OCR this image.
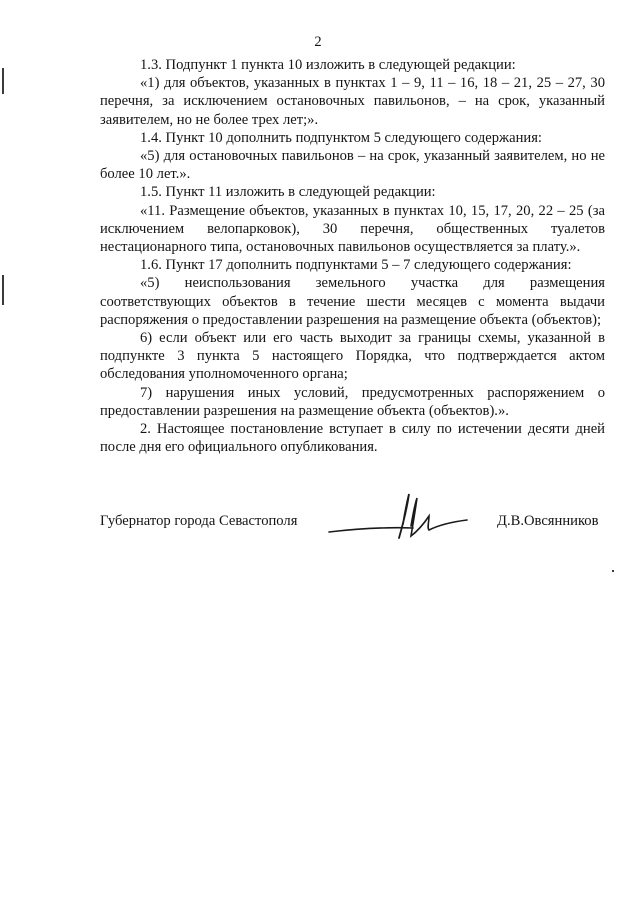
2

1.3. Подпункт 1 пункта 10 изложить в следующей редакции:

«1) для объектов, указанных в пунктах 1 – 9, 11 – 16, 18 – 21, 25 – 27, 30 перечня, за исключением остановочных павильонов, – на срок, указанный заявителем, но не более трех лет;».

1.4. Пункт 10 дополнить подпунктом 5 следующего содержания:

«5) для остановочных павильонов – на срок, указанный заявителем, но не более 10 лет.».

1.5. Пункт 11 изложить в следующей редакции:

«11. Размещение объектов, указанных в пунктах 10, 15, 17, 20, 22 – 25 (за исключением велопарковок), 30 перечня, общественных туалетов нестационарного типа, остановочных павильонов осуществляется за плату.».

1.6. Пункт 17 дополнить подпунктами 5 – 7 следующего содержания:

«5) неиспользования земельного участка для размещения соответствующих объектов в течение шести месяцев с момента выдачи распоряжения о предоставлении разрешения на размещение объекта (объектов);

6) если объект или его часть выходит за границы схемы, указанной в подпункте 3 пункта 5 настоящего Порядка, что подтверждается актом обследования уполномоченного органа;

7) нарушения иных условий, предусмотренных распоряжением о предоставлении разрешения на размещение объекта (объектов).».

2. Настоящее постановление вступает в силу по истечении десяти дней после дня его официального опубликования.

Губернатор города Севастополя	Д.В.Овсянников
